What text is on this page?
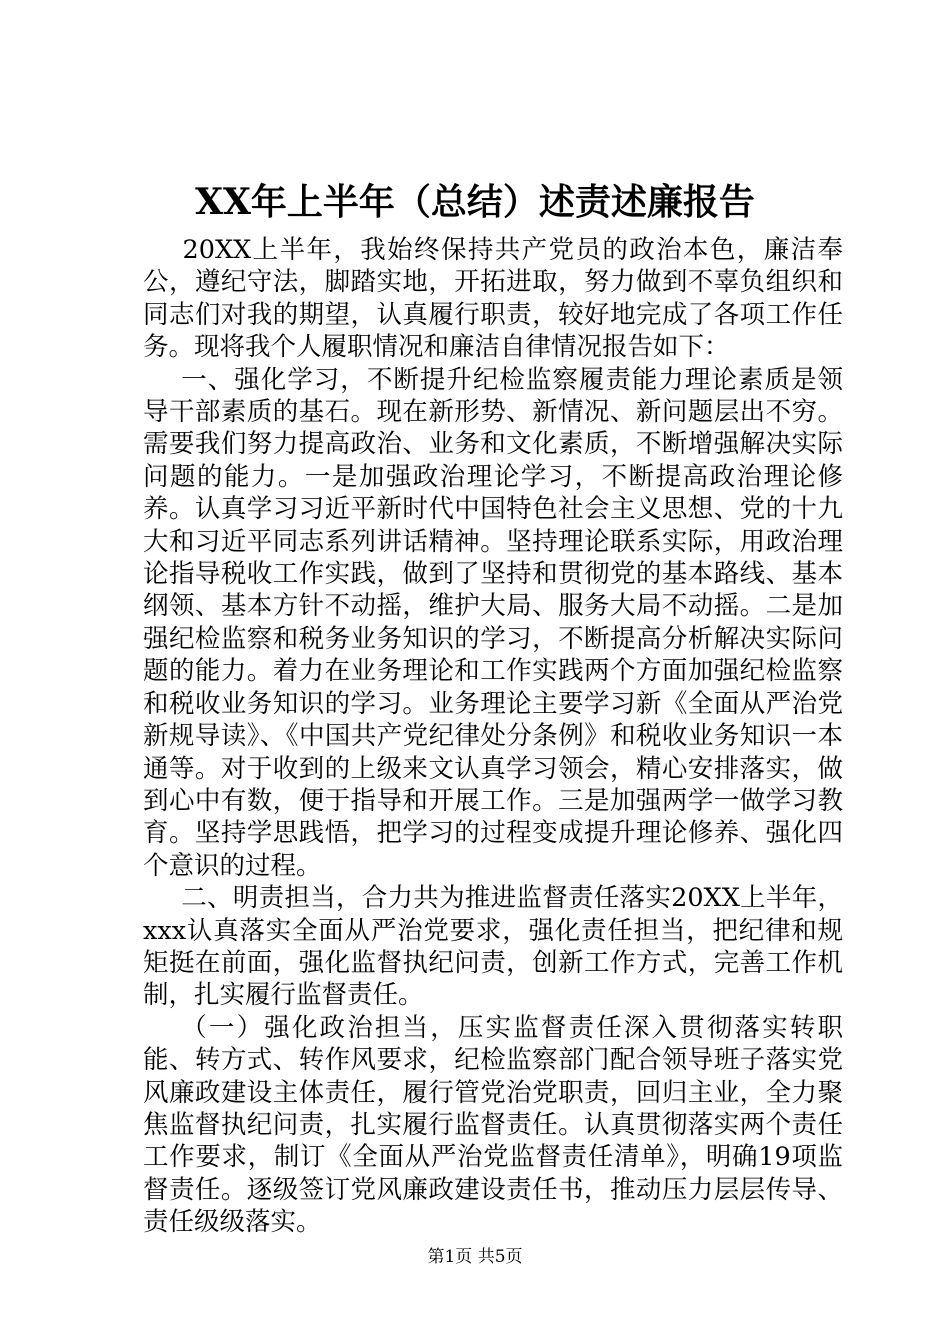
XX年上半年（总结）述责述廉报告

20XX上半年，我始终保持共产党员的政治本色，廉洁奉公，遵纪守法，脚踏实地，开拓进取，努力做到不辜负组织和同志们对我的期望，认真履行职责，较好地完成了各项工作任务。现将我个人履职情况和廉洁自律情况报告如下：

一、强化学习，不断提升纪检监察履责能力理论素质是领导干部素质的基石。现在新形势、新情况、新问题层出不穷。需要我们努力提高政治、业务和文化素质，不断增强解决实际问题的能力。一是加强政治理论学习，不断提高政治理论修养。认真学习习近平新时代中国特色社会主义思想、党的十九大和习近平同志系列讲话精神。坚持理论联系实际，用政治理论指导税收工作实践，做到了坚持和贯彻党的基本路线、基本纲领、基本方针不动摇，维护大局、服务大局不动摇。二是加强纪检监察和税务业务知识的学习，不断提高分析解决实际问题的能力。着力在业务理论和工作实践两个方面加强纪检监察和税收业务知识的学习。业务理论主要学习新《全面从严治党新规导读》、《中国共产党纪律处分条例》和税收业务知识一本通等。对于收到的上级来文认真学习领会，精心安排落实，做到心中有数，便于指导和开展工作。三是加强两学一做学习教育。坚持学思践悟，把学习的过程变成提升理论修养、强化四个意识的过程。

二、明责担当，合力共为推进监督责任落实20XX上半年，xxx认真落实全面从严治党要求，强化责任担当，把纪律和规矩挺在前面，强化监督执纪问责，创新工作方式，完善工作机制，扎实履行监督责任。

（一）强化政治担当，压实监督责任深入贯彻落实转职能、转方式、转作风要求，纪检监察部门配合领导班子落实党风廉政建设主体责任，履行管党治党职责，回归主业，全力聚焦监督执纪问责，扎实履行监督责任。认真贯彻落实两个责任工作要求，制订《全面从严治党监督责任清单》，明确19项监督责任。逐级签订党风廉政建设责任书，推动压力层层传导、责任级级落实。

第1页 共5页
